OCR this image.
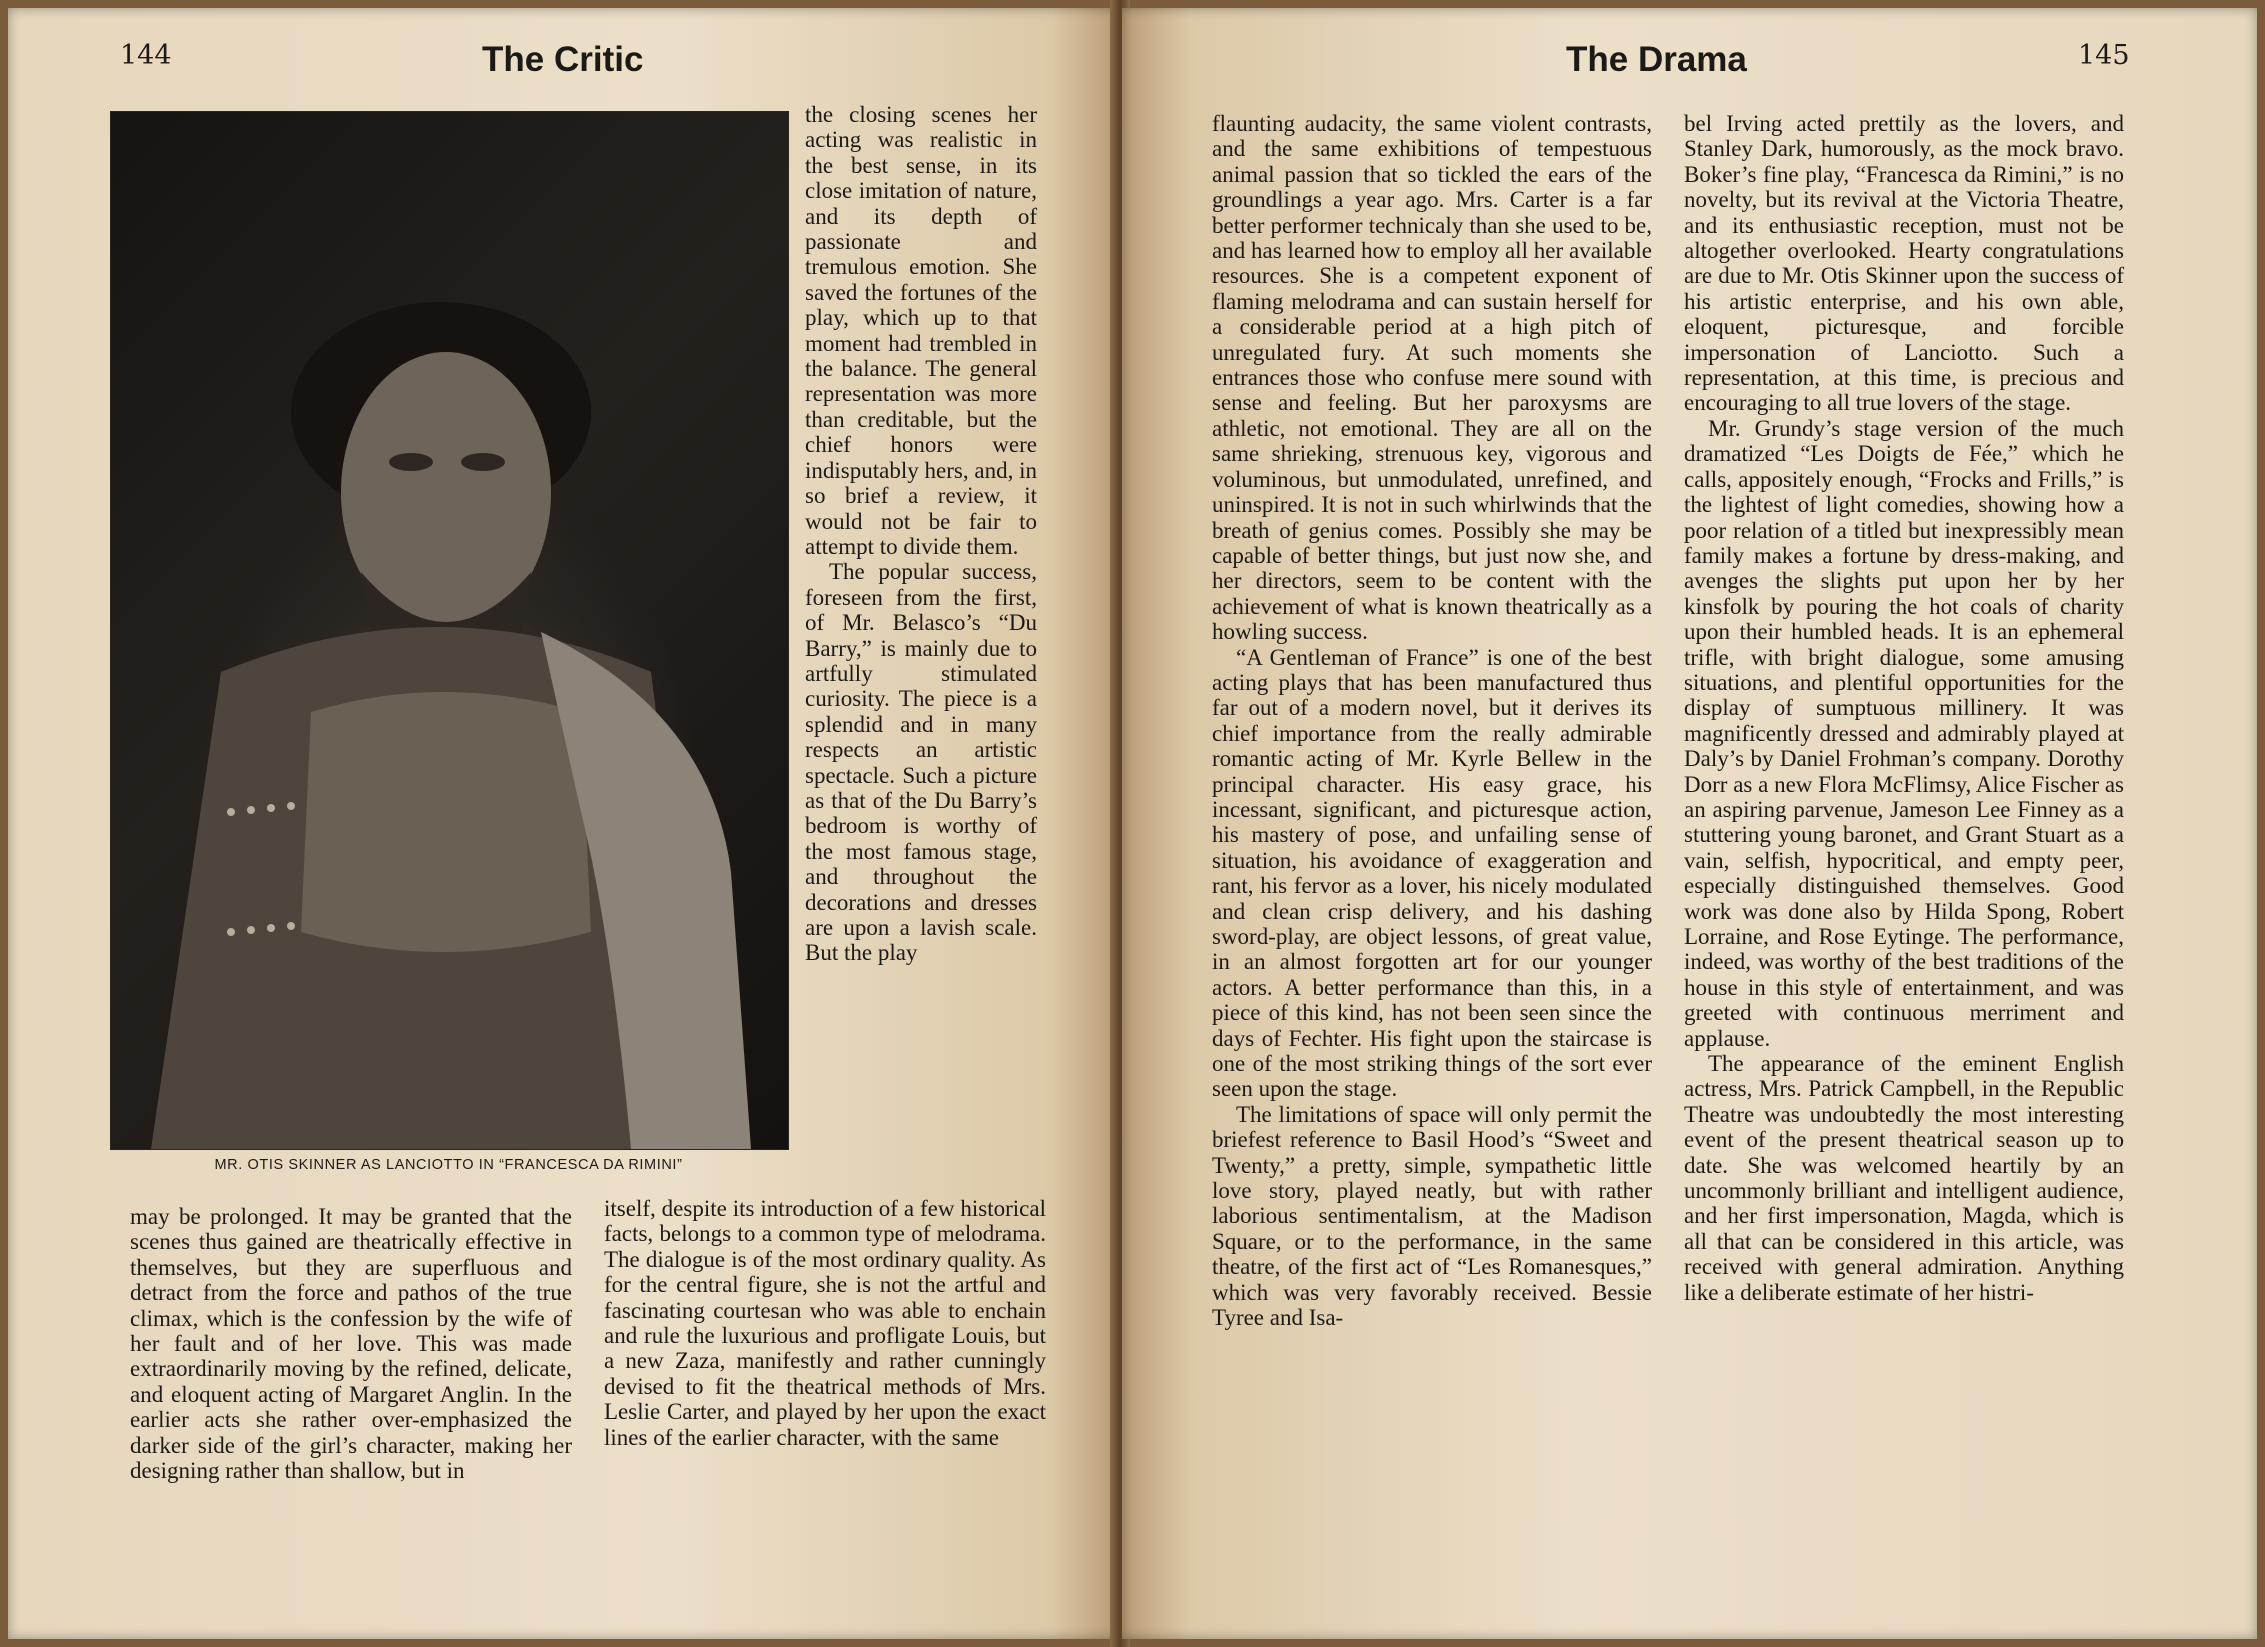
144	The Critic
MR. OTIS SKINNER AS LANCIOTTO IN “FRANCESCA DA RIMINI”

the closing scenes her acting was realistic in the best sense, in its close imitation of nature, and its depth of passionate and tremulous emotion. She saved the fortunes of the play, which up to that moment had trembled in the balance. The general representation was more than creditable, but the chief honors were indisputably hers, and, in so brief a review, it would not be fair to attempt to divide them.

The popular success, foreseen from the first, of Mr. Belasco’s “Du Barry,” is mainly due to artfully stimulated curiosity. The piece is a splendid and in many respects an artistic spectacle. Such a picture as that of the Du Barry’s bedroom is worthy of the most famous stage, and throughout the decorations and dresses are upon a lavish scale. But the play

may be prolonged. It may be granted that the scenes thus gained are theatrically effective in themselves, but they are superfluous and detract from the force and pathos of the true climax, which is the confession by the wife of her fault and of her love. This was made extraordinarily moving by the refined, delicate, and eloquent acting of Margaret Anglin. In the earlier acts she rather over-emphasized the darker side of the girl’s character, making her designing rather than shallow, but in

itself, despite its introduction of a few historical facts, belongs to a common type of melodrama. The dialogue is of the most ordinary quality. As for the central figure, she is not the artful and fascinating courtesan who was able to enchain and rule the luxurious and profligate Louis, but a new Zaza, manifestly and rather cunningly devised to fit the theatrical methods of Mrs. Leslie Carter, and played by her upon the exact lines of the earlier character, with the same

The Drama	145

flaunting audacity, the same violent contrasts, and the same exhibitions of tempestuous animal passion that so tickled the ears of the groundlings a year ago. Mrs. Carter is a far better performer technicaly than she used to be, and has learned how to employ all her available resources. She is a competent exponent of flaming melodrama and can sustain herself for a considerable period at a high pitch of unregulated fury. At such moments she entrances those who confuse mere sound with sense and feeling. But her paroxysms are athletic, not emotional. They are all on the same shrieking, strenuous key, vigorous and voluminous, but unmodulated, unrefined, and uninspired. It is not in such whirlwinds that the breath of genius comes. Possibly she may be capable of better things, but just now she, and her directors, seem to be content with the achievement of what is known theatrically as a howling success.

“A Gentleman of France” is one of the best acting plays that has been manufactured thus far out of a modern novel, but it derives its chief importance from the really admirable romantic acting of Mr. Kyrle Bellew in the principal character. His easy grace, his incessant, significant, and picturesque action, his mastery of pose, and unfailing sense of situation, his avoidance of exaggeration and rant, his fervor as a lover, his nicely modulated and clean crisp delivery, and his dashing sword-play, are object lessons, of great value, in an almost forgotten art for our younger actors. A better performance than this, in a piece of this kind, has not been seen since the days of Fechter. His fight upon the staircase is one of the most striking things of the sort ever seen upon the stage.

The limitations of space will only permit the briefest reference to Basil Hood’s “Sweet and Twenty,” a pretty, simple, sympathetic little love story, played neatly, but with rather laborious sentimentalism, at the Madison Square, or to the performance, in the same theatre, of the first act of “Les Romanesques,” which was very favorably received. Bessie Tyree and Isa-

bel Irving acted prettily as the lovers, and Stanley Dark, humorously, as the mock bravo. Boker’s fine play, “Francesca da Rimini,” is no novelty, but its revival at the Victoria Theatre, and its enthusiastic reception, must not be altogether overlooked. Hearty congratulations are due to Mr. Otis Skinner upon the success of his artistic enterprise, and his own able, eloquent, picturesque, and forcible impersonation of Lanciotto. Such a representation, at this time, is precious and encouraging to all true lovers of the stage.

Mr. Grundy’s stage version of the much dramatized “Les Doigts de Fée,” which he calls, appositely enough, “Frocks and Frills,” is the lightest of light comedies, showing how a poor relation of a titled but inexpressibly mean family makes a fortune by dress-making, and avenges the slights put upon her by her kinsfolk by pouring the hot coals of charity upon their humbled heads. It is an ephemeral trifle, with bright dialogue, some amusing situations, and plentiful opportunities for the display of sumptuous millinery. It was magnificently dressed and admirably played at Daly’s by Daniel Frohman’s company. Dorothy Dorr as a new Flora McFlimsy, Alice Fischer as an aspiring parvenue, Jameson Lee Finney as a stuttering young baronet, and Grant Stuart as a vain, selfish, hypocritical, and empty peer, especially distinguished themselves. Good work was done also by Hilda Spong, Robert Lorraine, and Rose Eytinge. The performance, indeed, was worthy of the best traditions of the house in this style of entertainment, and was greeted with continuous merriment and applause.

The appearance of the eminent English actress, Mrs. Patrick Campbell, in the Republic Theatre was undoubtedly the most interesting event of the present theatrical season up to date. She was welcomed heartily by an uncommonly brilliant and intelligent audience, and her first impersonation, Magda, which is all that can be considered in this article, was received with general admiration. Anything like a deliberate estimate of her histri-
